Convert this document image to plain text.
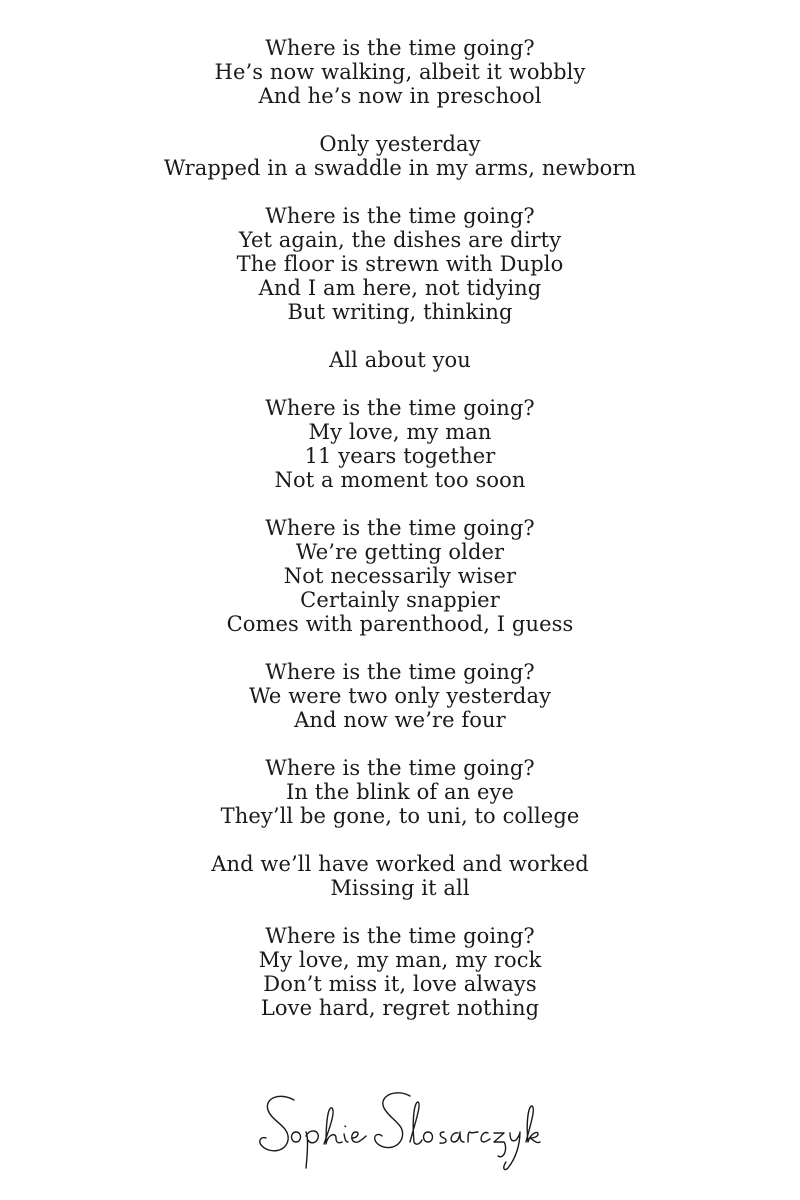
Where is the time going?
He’s now walking, albeit it wobbly
And he’s now in preschool
Only yesterday
Wrapped in a swaddle in my arms, newborn
Where is the time going?
Yet again, the dishes are dirty
The floor is strewn with Duplo
And I am here, not tidying
But writing, thinking
All about you
Where is the time going?
My love, my man
11 years together
Not a moment too soon
Where is the time going?
We’re getting older
Not necessarily wiser
Certainly snappier
Comes with parenthood, I guess
Where is the time going?
We were two only yesterday
And now we’re four
Where is the time going?
In the blink of an eye
They’ll be gone, to uni, to college
And we’ll have worked and worked
Missing it all
Where is the time going?
My love, my man, my rock
Don’t miss it, love always
Love hard, regret nothing
